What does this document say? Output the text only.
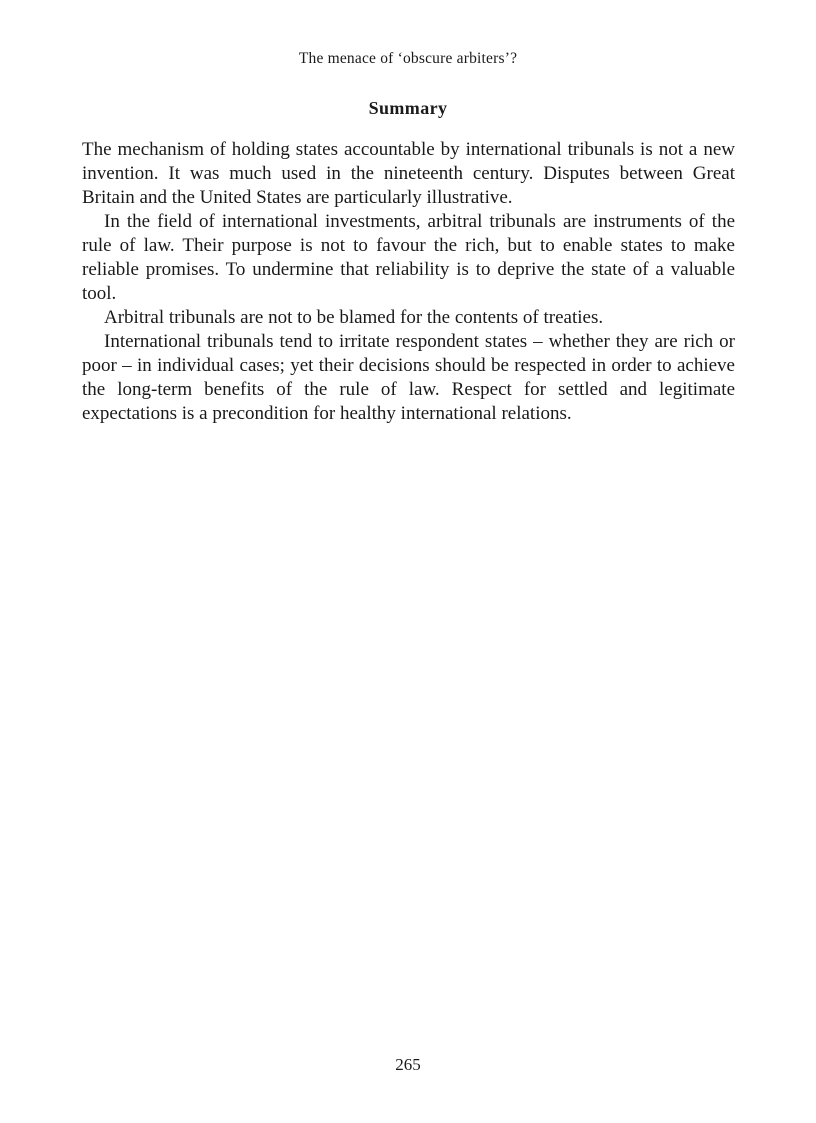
The menace of ‘obscure arbiters’?
Summary

The mechanism of holding states accountable by international tribunals is not a new invention. It was much used in the nineteenth century. Disputes between Great Britain and the United States are particularly illustrative.

In the field of international investments, arbitral tribunals are instruments of the rule of law. Their purpose is not to favour the rich, but to enable states to make reliable promises. To undermine that reliability is to deprive the state of a valuable tool.

Arbitral tribunals are not to be blamed for the contents of treaties.

International tribunals tend to irritate respondent states – whether they are rich or poor – in individual cases; yet their decisions should be respected in order to achieve the long-term benefits of the rule of law. Respect for settled and legitimate expectations is a precondition for healthy international relations.

265
